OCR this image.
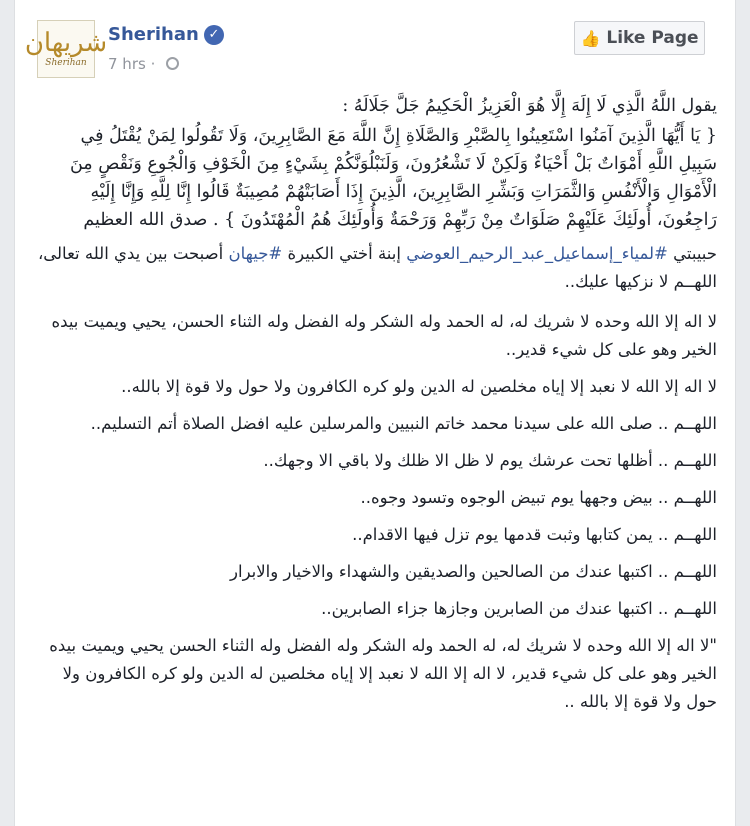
شريهان
Sherihan
Sherihan ✓
7 hrs ·
👍 Like Page

يقول اللَّهُ الَّذِي لَا إِلَهَ إِلَّا هُوَ الْعَزِيزُ الْحَكِيمُ جَلَّ جَلَالَهُ :

{ يَا أَيُّهَا الَّذِينَ آمَنُوا اسْتَعِينُوا بِالصَّبْرِ وَالصَّلَاةِ إِنَّ اللَّهَ مَعَ الصَّابِرِينَ، وَلَا تَقُولُوا لِمَنْ يُقْتَلُ فِي سَبِيلِ اللَّهِ أَمْوَاتٌ بَلْ أَحْيَاءٌ وَلَكِنْ لَا تَشْعُرُونَ، وَلَنَبْلُوَنَّكُمْ بِشَيْءٍ مِنَ الْخَوْفِ وَالْجُوعِ وَنَقْصٍ مِنَ الْأَمْوَالِ وَالْأَنْفُسِ وَالثَّمَرَاتِ وَبَشِّرِ الصَّابِرِينَ، الَّذِينَ إِذَا أَصَابَتْهُمْ مُصِيبَةٌ قَالُوا إِنَّا لِلَّهِ وَإِنَّا إِلَيْهِ رَاجِعُونَ، أُولَئِكَ عَلَيْهِمْ صَلَوَاتٌ مِنْ رَبِّهِمْ وَرَحْمَةٌ وَأُولَئِكَ هُمُ الْمُهْتَدُونَ } . صدق الله العظيم

حبيبتي #لمياء_إسماعيل_عبد_الرحيم_العوضي إبنة أختي الكبيرة #جيهان أصبحت بين يدي الله تعالى، اللهــم لا نزكيها عليك..

لا اله إلا الله وحده لا شريك له، له الحمد وله الشكر وله الفضل وله الثناء الحسن، يحيي ويميت بيده الخير وهو على كل شيء قدير..

لا اله إلا الله لا نعبد إلا إياه مخلصين له الدين ولو كره الكافرون ولا حول ولا قوة إلا بالله..

اللهــم .. صلى الله على سيدنا محمد خاتم النبيين والمرسلين عليه افضل الصلاة أتم التسليم..

اللهــم .. أظلها تحت عرشك يوم لا ظل الا ظلك ولا باقي الا وجهك..

اللهــم .. بيض وجهها يوم تبيض الوجوه وتسود وجوه..

اللهــم .. يمن كتابها وثبت قدمها يوم تزل فيها الاقدام..

اللهــم .. اكتبها عندك من الصالحين والصديقين والشهداء والاخيار والابرار

اللهــم .. اكتبها عندك من الصابرين وجازها جزاء الصابرين..

"لا اله إلا الله وحده لا شريك له، له الحمد وله الشكر وله الفضل وله الثناء الحسن يحيي ويميت بيده الخير وهو على كل شيء قدير، لا اله إلا الله لا نعبد إلا إياه مخلصين له الدين ولو كره الكافرون ولا حول ولا قوة إلا بالله ..
